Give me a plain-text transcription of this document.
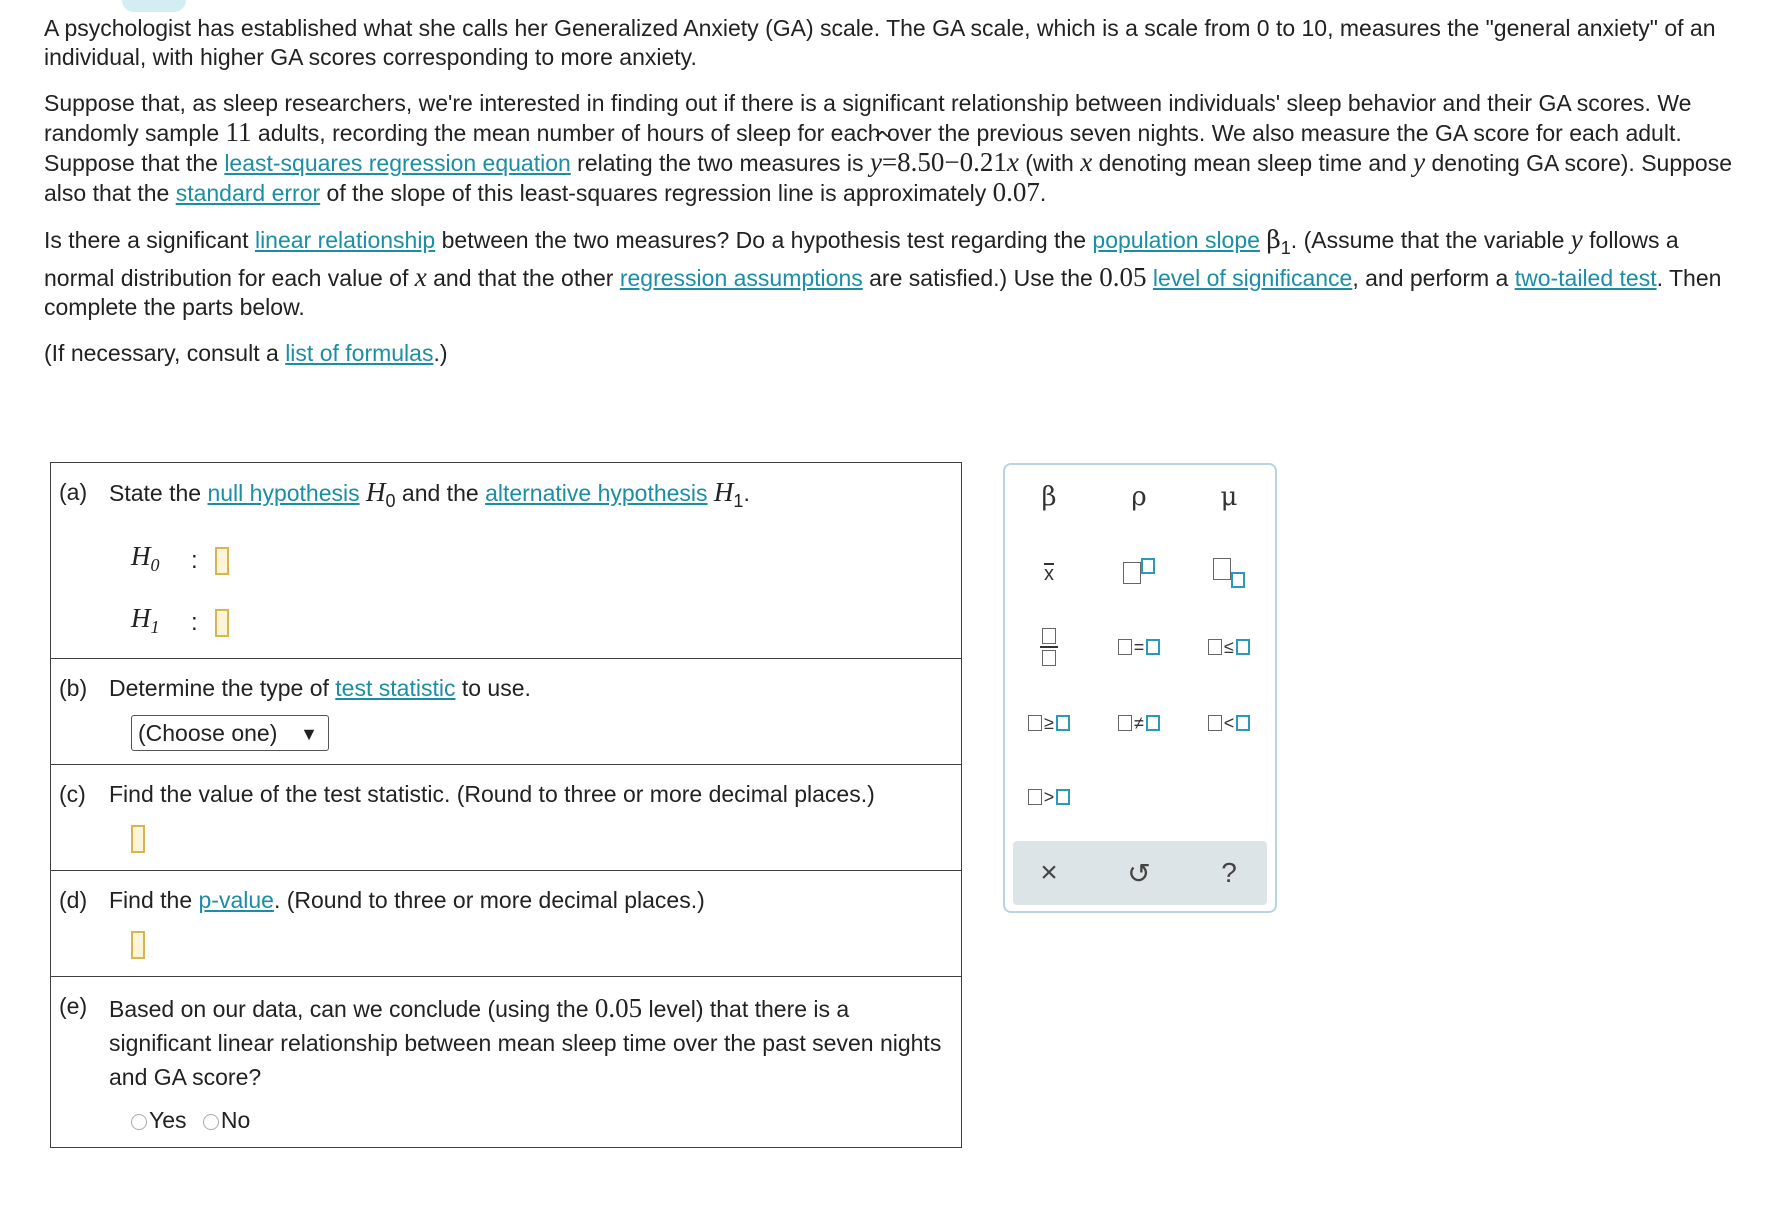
A psychologist has established what she calls her Generalized Anxiety (GA) scale. The GA scale, which is a scale from 0 to 10, measures the "general anxiety" of an individual, with higher GA scores corresponding to more anxiety.

Suppose that, as sleep researchers, we're interested in finding out if there is a significant relationship between individuals' sleep behavior and their GA scores. We randomly sample 11 adults, recording the mean number of hours of sleep for each over the previous seven nights. We also measure the GA score for each adult. Suppose that the least-squares regression equation relating the two measures is ^ y=8.50−0.21x (with x denoting mean sleep time and y denoting GA score). Suppose also that the standard error of the slope of this least-squares regression line is approximately 0.07.

Is there a significant linear relationship between the two measures? Do a hypothesis test regarding the population slope $\beta_1$. (Assume that the variable y follows a normal distribution for each value of x and that the other regression assumptions are satisfied.) Use the 0.05 level of significance, and perform a two-tailed test. Then complete the parts below.

(If necessary, consult a list of formulas.)

(a) State the null hypothesis $H_0$ and the alternative hypothesis $H_1$.
$H_0$	:
$H_1$	:
(b) Determine the type of test statistic to use.
(Choose one) ▼
(c) Find the value of the test statistic. (Round to three or more decimal places.)
(d) Find the p-value. (Round to three or more decimal places.)
(e) Based on our data, can we conclude (using the 0.05 level) that there is a significant linear relationship between mean sleep time over the past seven nights and GA score?
Yes No
β	ρ	μ
x
=	≤
≥	≠	<
>
× ↺	?
